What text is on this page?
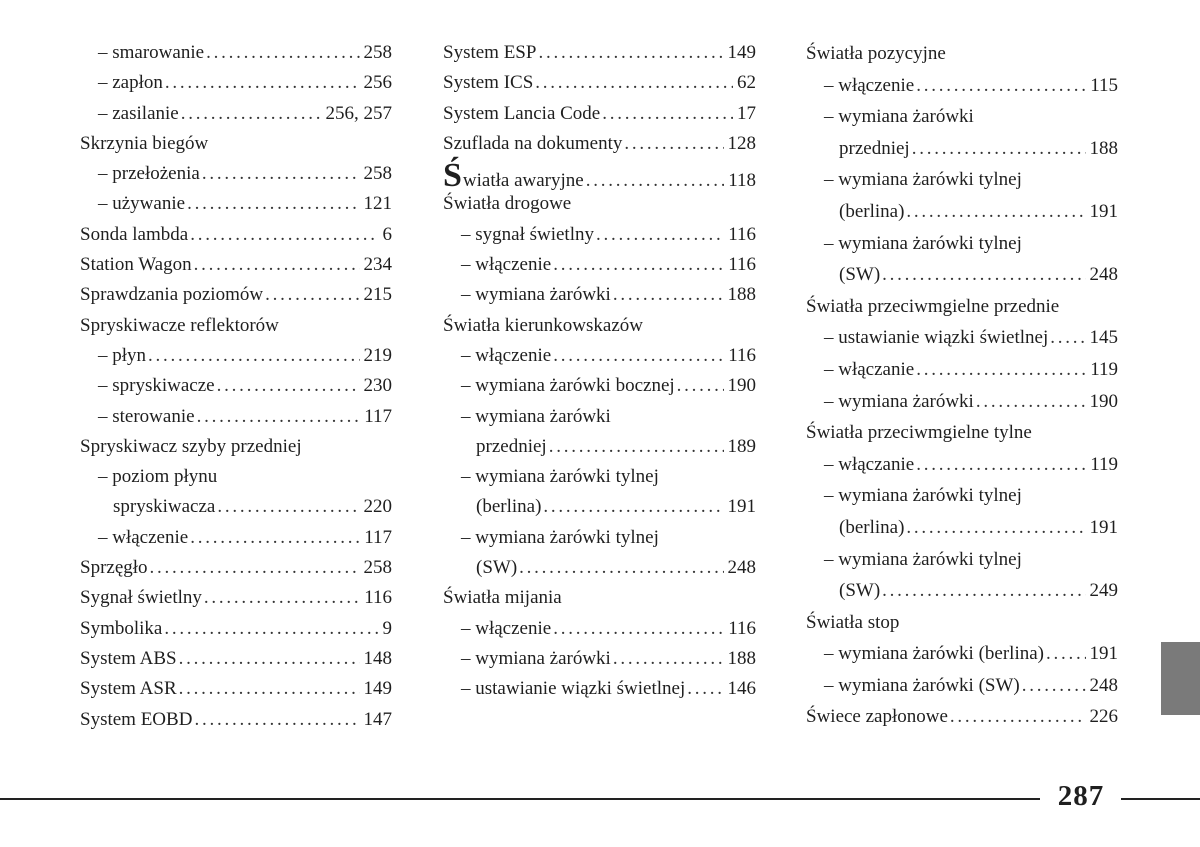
– smarowanie . . .	258
– zapłon . . .	256
– zasilanie . . .	256, 257
Skrzynia biegów
– przełożenia . . .	258
– używanie . . .	121
Sonda lambda . . .	6
Station Wagon . . .	234
Sprawdzania poziomów . . .	215
Spryskiwacze reflektorów
– płyn . . .	219
– spryskiwacze . . .	230
– sterowanie . . .	117
Spryskiwacz szyby przedniej
– poziom płynu
spryskiwacza . . .	220
– włączenie . . .	117
Sprzęgło . . .	258
Sygnał świetlny . . .	116
Symbolika . . .	9
System ABS . . .	148
System ASR . . .	149
System EOBD . . .	147
System ESP . . .	149
System ICS . . .	62
System Lancia Code . . .	17
Szuflada na dokumenty . . .	128
Ś wiatła awaryjne . . .	118
Światła drogowe
– sygnał świetlny . . .	116
– włączenie . . .	116
– wymiana żarówki . . .	188
Światła kierunkowskazów
– włączenie . . .	116
– wymiana żarówki bocznej . . .	190
– wymiana żarówki
przedniej . . .	189
– wymiana żarówki tylnej
(berlina) . . .	191
– wymiana żarówki tylnej
(SW) . . .	248
Światła mijania
– włączenie . . .	116
– wymiana żarówki . . .	188
– ustawianie wiązki świetlnej . . . 146
Światła pozycyjne
– włączenie . . .	115
– wymiana żarówki
przedniej . . .	188
– wymiana żarówki tylnej
(berlina) . . .	191
– wymiana żarówki tylnej
(SW) . . .	248
Światła przeciwmgielne przednie
– ustawianie wiązki świetlnej . . . 145
– włączanie . . .	119
– wymiana żarówki . . .	190
Światła przeciwmgielne tylne
– włączanie . . .	119
– wymiana żarówki tylnej
(berlina) . . .	191
– wymiana żarówki tylnej
(SW) . . .	249
Światła stop
– wymiana żarówki (berlina) . . . 191
– wymiana żarówki (SW) . . .	248
Świece zapłonowe . . .	226
287
